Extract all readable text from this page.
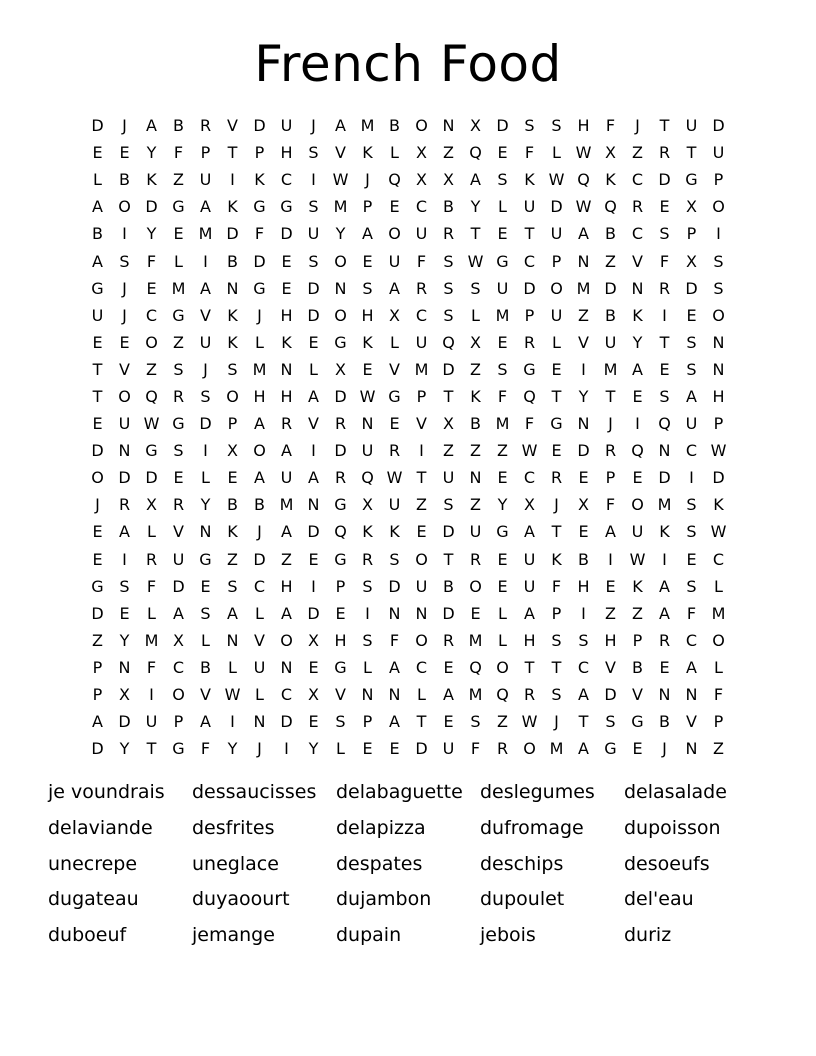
French Food
D	J	A	B R V D U	J	A M B O N X D S	S H	F	J	T	U D
E	E	Y	F	P	T	P	H S	V	K	L	X	Z Q E	F	L W X	Z R	T	U
L	B	K	Z U	I	K	C	I	W	J	Q X	X	A	S	K W Q K	C D G P
A O D G A	K G G S M P	E	C B	Y	L	U D W Q R	E	X O
B	I	Y	E M D	F	D U	Y	A O U R	T	E	T	U A	B C	S	P	I
A	S	F	L	I	B D E	S O E	U	F	S W G C	P	N Z	V	F	X	S
G	J	E M A N G E D N S	A R	S	S	U D O M D N R D S
U	J	C G V	K	J	H D O H X C	S	L M P	U Z	B	K	I	E O
E	E O Z U K	L	K	E G K	L	U Q X	E	R	L	V U	Y	T	S N
T	V	Z	S	J	S M N	L	X	E	V M D Z	S G E	I	M A	E	S N
T O Q R	S O H H A D W G P	T	K	F	Q T	Y	T	E	S	A H
E	U W G D	P	A R V R N E	V	X	B M F	G N	J	I	Q U	P
D N G S	I	X O A	I	D U R	I	Z	Z	Z W E D R Q N C W
O D D E	L	E	A U A R Q W T	U N E	C R	E	P	E D	I	D
J	R X R	Y	B	B M N G X U Z	S	Z	Y	X	J	X	F	O M S	K
E	A	L	V N K	J	A D Q K	K	E D U G A	T	E	A U K	S W
E	I	R U G Z D Z	E G R	S O T	R	E	U K	B	I	W	I	E	C
G S	F	D E	S	C H	I	P	S D U B O E	U	F	H E	K	A	S	L
D E	L	A	S	A	L	A D E	I	N N D E	L	A	P	I	Z	Z	A	F M
Z	Y M X	L	N V O X H S	F	O R M L	H S	S H	P	R C O
P	N	F	C B	L	U N E G	L	A C	E Q O T	T	C V	B	E	A	L
P	X	I	O V W L	C X	V N N	L	A M Q R	S	A D V N N	F
A D U	P	A	I	N D E	S	P	A	T	E	S	Z W	J	T	S G B	V	P
D Y	T G	F	Y	J	I	Y	L	E	E D U	F	R O M A G E	J	N Z
je voundrais	dessaucisses	delabaguette deslegumes	delasalade
delaviande	desfrites	delapizza	dufromage	dupoisson
unecrepe	uneglace	despates	deschips	desoeufs
dugateau	duyaoourt	dujambon	dupoulet	del'eau
duboeuf	jemange	dupain	jebois	duriz
